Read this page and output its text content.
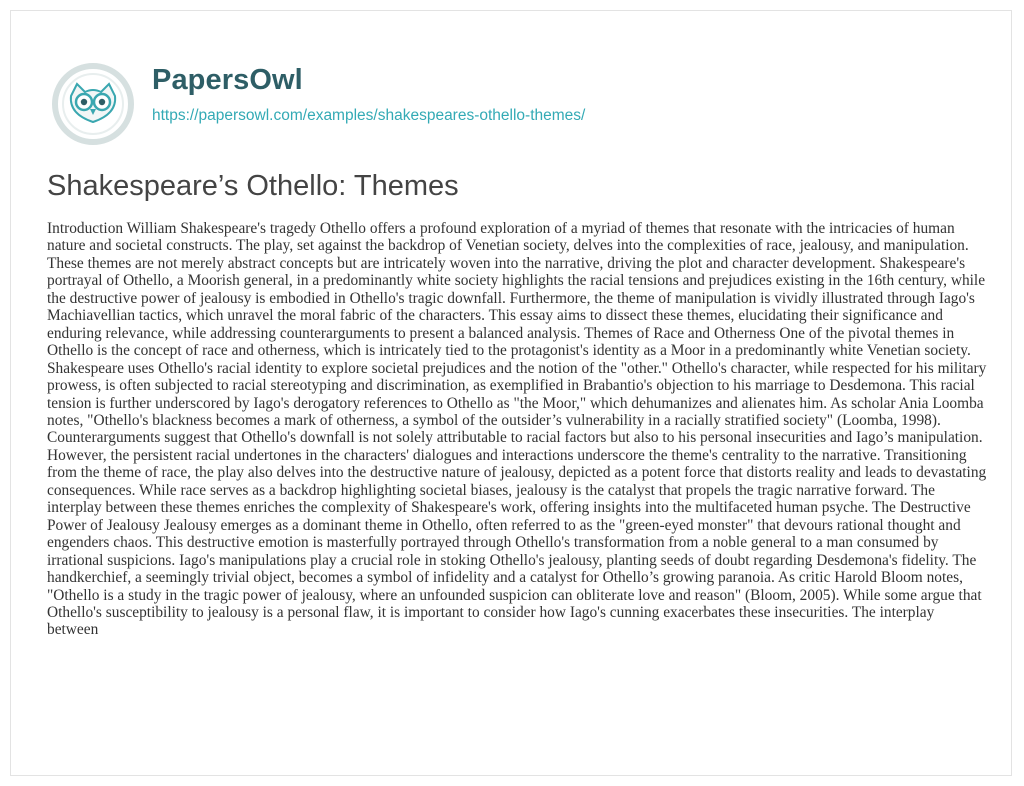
PapersOwl
https://papersowl.com/examples/shakespeares-othello-themes/
Shakespeare’s Othello: Themes

Introduction William Shakespeare's tragedy Othello offers a profound exploration of a myriad of themes that resonate with the intricacies of human nature and societal constructs. The play, set against the backdrop of Venetian society, delves into the complexities of race, jealousy, and manipulation. These themes are not merely abstract concepts but are intricately woven into the narrative, driving the plot and character development. Shakespeare's portrayal of Othello, a Moorish general, in a predominantly white society highlights the racial tensions and prejudices existing in the 16th century, while the destructive power of jealousy is embodied in Othello's tragic downfall. Furthermore, the theme of manipulation is vividly illustrated through Iago's Machiavellian tactics, which unravel the moral fabric of the characters. This essay aims to dissect these themes, elucidating their significance and enduring relevance, while addressing counterarguments to present a balanced analysis. Themes of Race and Otherness One of the pivotal themes in Othello is the concept of race and otherness, which is intricately tied to the protagonist's identity as a Moor in a predominantly white Venetian society. Shakespeare uses Othello's racial identity to explore societal prejudices and the notion of the "other." Othello's character, while respected for his military prowess, is often subjected to racial stereotyping and discrimination, as exemplified in Brabantio's objection to his marriage to Desdemona. This racial tension is further underscored by Iago's derogatory references to Othello as "the Moor," which dehumanizes and alienates him. As scholar Ania Loomba notes, "Othello's blackness becomes a mark of otherness, a symbol of the outsider’s vulnerability in a racially stratified society" (Loomba, 1998). Counterarguments suggest that Othello's downfall is not solely attributable to racial factors but also to his personal insecurities and Iago’s manipulation. However, the persistent racial undertones in the characters' dialogues and interactions underscore the theme's centrality to the narrative. Transitioning from the theme of race, the play also delves into the destructive nature of jealousy, depicted as a potent force that distorts reality and leads to devastating consequences. While race serves as a backdrop highlighting societal biases, jealousy is the catalyst that propels the tragic narrative forward. The interplay between these themes enriches the complexity of Shakespeare's work, offering insights into the multifaceted human psyche. The Destructive Power of Jealousy Jealousy emerges as a dominant theme in Othello, often referred to as the "green-eyed monster" that devours rational thought and engenders chaos. This destructive emotion is masterfully portrayed through Othello's transformation from a noble general to a man consumed by irrational suspicions. Iago's manipulations play a crucial role in stoking Othello's jealousy, planting seeds of doubt regarding Desdemona's fidelity. The handkerchief, a seemingly trivial object, becomes a symbol of infidelity and a catalyst for Othello’s growing paranoia. As critic Harold Bloom notes, "Othello is a study in the tragic power of jealousy, where an unfounded suspicion can obliterate love and reason" (Bloom, 2005). While some argue that Othello's susceptibility to jealousy is a personal flaw, it is important to consider how Iago's cunning exacerbates these insecurities. The interplay between
